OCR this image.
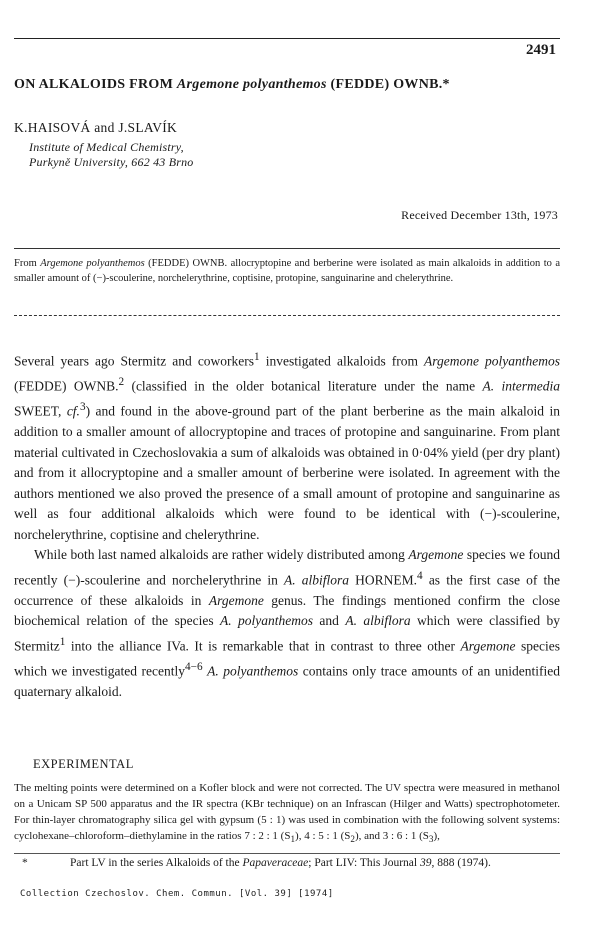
2491
ON ALKALOIDS FROM Argemone polyanthemos (FEDDE) OWNB.*
K.HAISOVÁ and J.SLAVÍK
Institute of Medical Chemistry,
Purkyně University, 662 43 Brno
Received December 13th, 1973
From Argemone polyanthemos (FEDDE) OWNB. allocryptopine and berberine were isolated as main alkaloids in addition to a smaller amount of (−)-scoulerine, norchelerythrine, coptisine, protopine, sanguinarine and chelerythrine.

Several years ago Stermitz and coworkers$^1$ investigated alkaloids from Argemone polyanthemos (FEDDE) OWNB.$^2$ (classified in the older botanical literature under the name A. intermedia SWEET, cf.$^3$) and found in the above-ground part of the plant berberine as the main alkaloid in addition to a smaller amount of allocryptopine and traces of protopine and sanguinarine. From plant material cultivated in Czechoslovakia a sum of alkaloids was obtained in 0·04% yield (per dry plant) and from it allocryptopine and a smaller amount of berberine were isolated. In agreement with the authors mentioned we also proved the presence of a small amount of protopine and sanguinarine as well as four additional alkaloids which were found to be identical with (−)-scoulerine, norchelerythrine, coptisine and chelerythrine.

While both last named alkaloids are rather widely distributed among Argemone species we found recently (−)-scoulerine and norchelerythrine in A. albiflora HORNEM.$^4$ as the first case of the occurrence of these alkaloids in Argemone genus. The findings mentioned confirm the close biochemical relation of the species A. polyanthemos and A. albiflora which were classified by Stermitz$^1$ into the alliance IVa. It is remarkable that in contrast to three other Argemone species which we investigated recently$^{4-6}$ A. polyanthemos contains only trace amounts of an unidentified quaternary alkaloid.

EXPERIMENTAL
The melting points were determined on a Kofler block and were not corrected. The UV spectra were measured in methanol on a Unicam SP 500 apparatus and the IR spectra (KBr technique) on an Infrascan (Hilger and Watts) spectrophotometer. For thin-layer chromatography silica gel with gypsum (5 : 1) was used in combination with the following solvent systems: cyclohexane–chloroform–diethylamine in the ratios 7 : 2 : 1 $(S_1)$, 4 : 5 : 1 $(S_2)$, and 3 : 6 : 1 $(S_3)$,
*	Part LV in the series Alkaloids of the Papaveraceae; Part LIV: This Journal 39, 888 (1974).
Collection Czechoslov. Chem. Commun. [Vol. 39] [1974]
